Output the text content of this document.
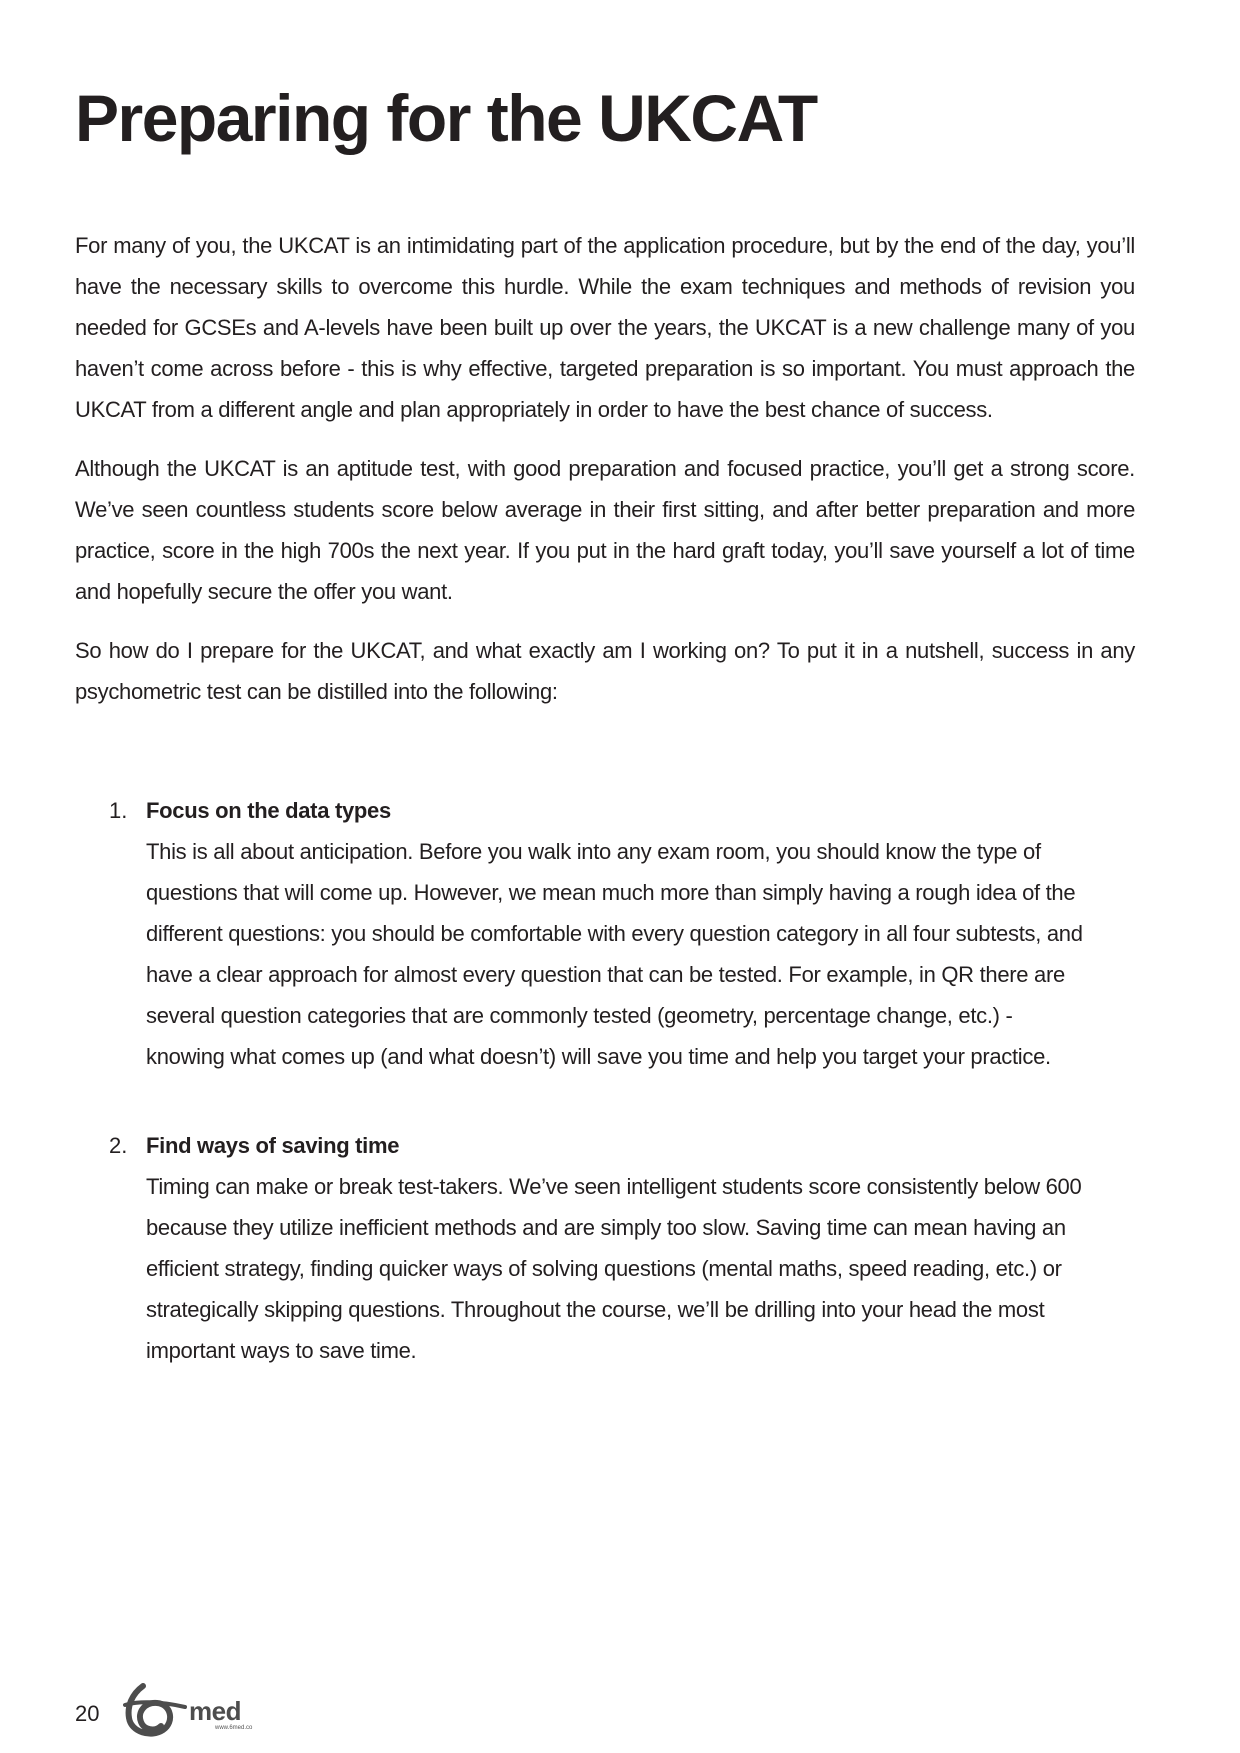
Preparing for the UKCAT

For many of you, the UKCAT is an intimidating part of the application procedure, but by the end of the day, you’ll have the necessary skills to overcome this hurdle. While the exam techniques and methods of revision you needed for GCSEs and A-levels have been built up over the years, the UKCAT is a new challenge many of you haven’t come across before - this is why effective, targeted preparation is so important. You must approach the UKCAT from a different angle and plan appropriately in order to have the best chance of success.

Although the UKCAT is an aptitude test, with good preparation and focused practice, you’ll get a strong score. We’ve seen countless students score below average in their first sitting, and after better preparation and more practice, score in the high 700s the next year. If you put in the hard graft today, you’ll save yourself a lot of time and hopefully secure the offer you want.

So how do I prepare for the UKCAT, and what exactly am I working on? To put it in a nutshell, success in any psychometric test can be distilled into the following:

1. Focus on the data types

This is all about anticipation. Before you walk into any exam room, you should know the type of questions that will come up. However, we mean much more than simply having a rough idea of the different questions: you should be comfortable with every question category in all four subtests, and have a clear approach for almost every question that can be tested. For example, in QR there are several question categories that are commonly tested (geometry, percentage change, etc.) - knowing what comes up (and what doesn’t) will save you time and help you target your practice.

2. Find ways of saving time

Timing can make or break test-takers. We’ve seen intelligent students score consistently below 600 because they utilize inefficient methods and are simply too slow. Saving time can mean having an efficient strategy, finding quicker ways of solving questions (mental maths, speed reading, etc.) or strategically skipping questions. Throughout the course, we’ll be drilling into your head the most important ways to save time.

20	med
www.6med.co
